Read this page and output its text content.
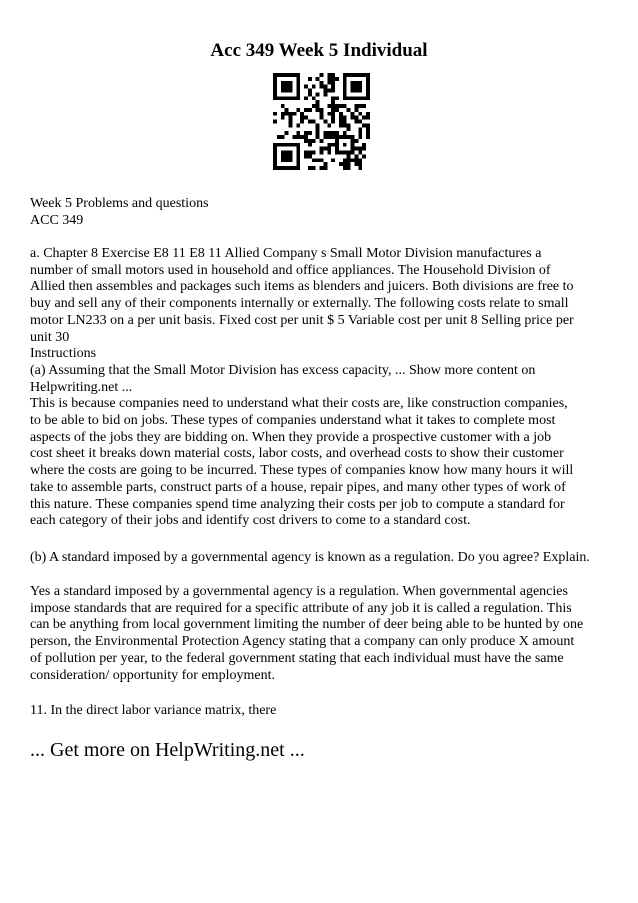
Acc 349 Week 5 Individual
Week 5 Problems and questions
ACC 349
a. Chapter 8 Exercise E8 11 E8 11 Allied Company s Small Motor Division manufactures a
number of small motors used in household and office appliances. The Household Division of
Allied then assembles and packages such items as blenders and juicers. Both divisions are free to
buy and sell any of their components internally or externally. The following costs relate to small
motor LN233 on a per unit basis. Fixed cost per unit $ 5 Variable cost per unit 8 Selling price per
unit 30
Instructions
(a) Assuming that the Small Motor Division has excess capacity, ... Show more content on
Helpwriting.net ...
This is because companies need to understand what their costs are, like construction companies,
to be able to bid on jobs. These types of companies understand what it takes to complete most
aspects of the jobs they are bidding on. When they provide a prospective customer with a job
cost sheet it breaks down material costs, labor costs, and overhead costs to show their customer
where the costs are going to be incurred. These types of companies know how many hours it will
take to assemble parts, construct parts of a house, repair pipes, and many other types of work of
this nature. These companies spend time analyzing their costs per job to compute a standard for
each category of their jobs and identify cost drivers to come to a standard cost.
(b) A standard imposed by a governmental agency is known as a regulation. Do you agree? Explain.
Yes a standard imposed by a governmental agency is a regulation. When governmental agencies
impose standards that are required for a specific attribute of any job it is called a regulation. This
can be anything from local government limiting the number of deer being able to be hunted by one
person, the Environmental Protection Agency stating that a company can only produce X amount
of pollution per year, to the federal government stating that each individual must have the same
consideration/ opportunity for employment.
11. In the direct labor variance matrix, there
... Get more on HelpWriting.net ...
